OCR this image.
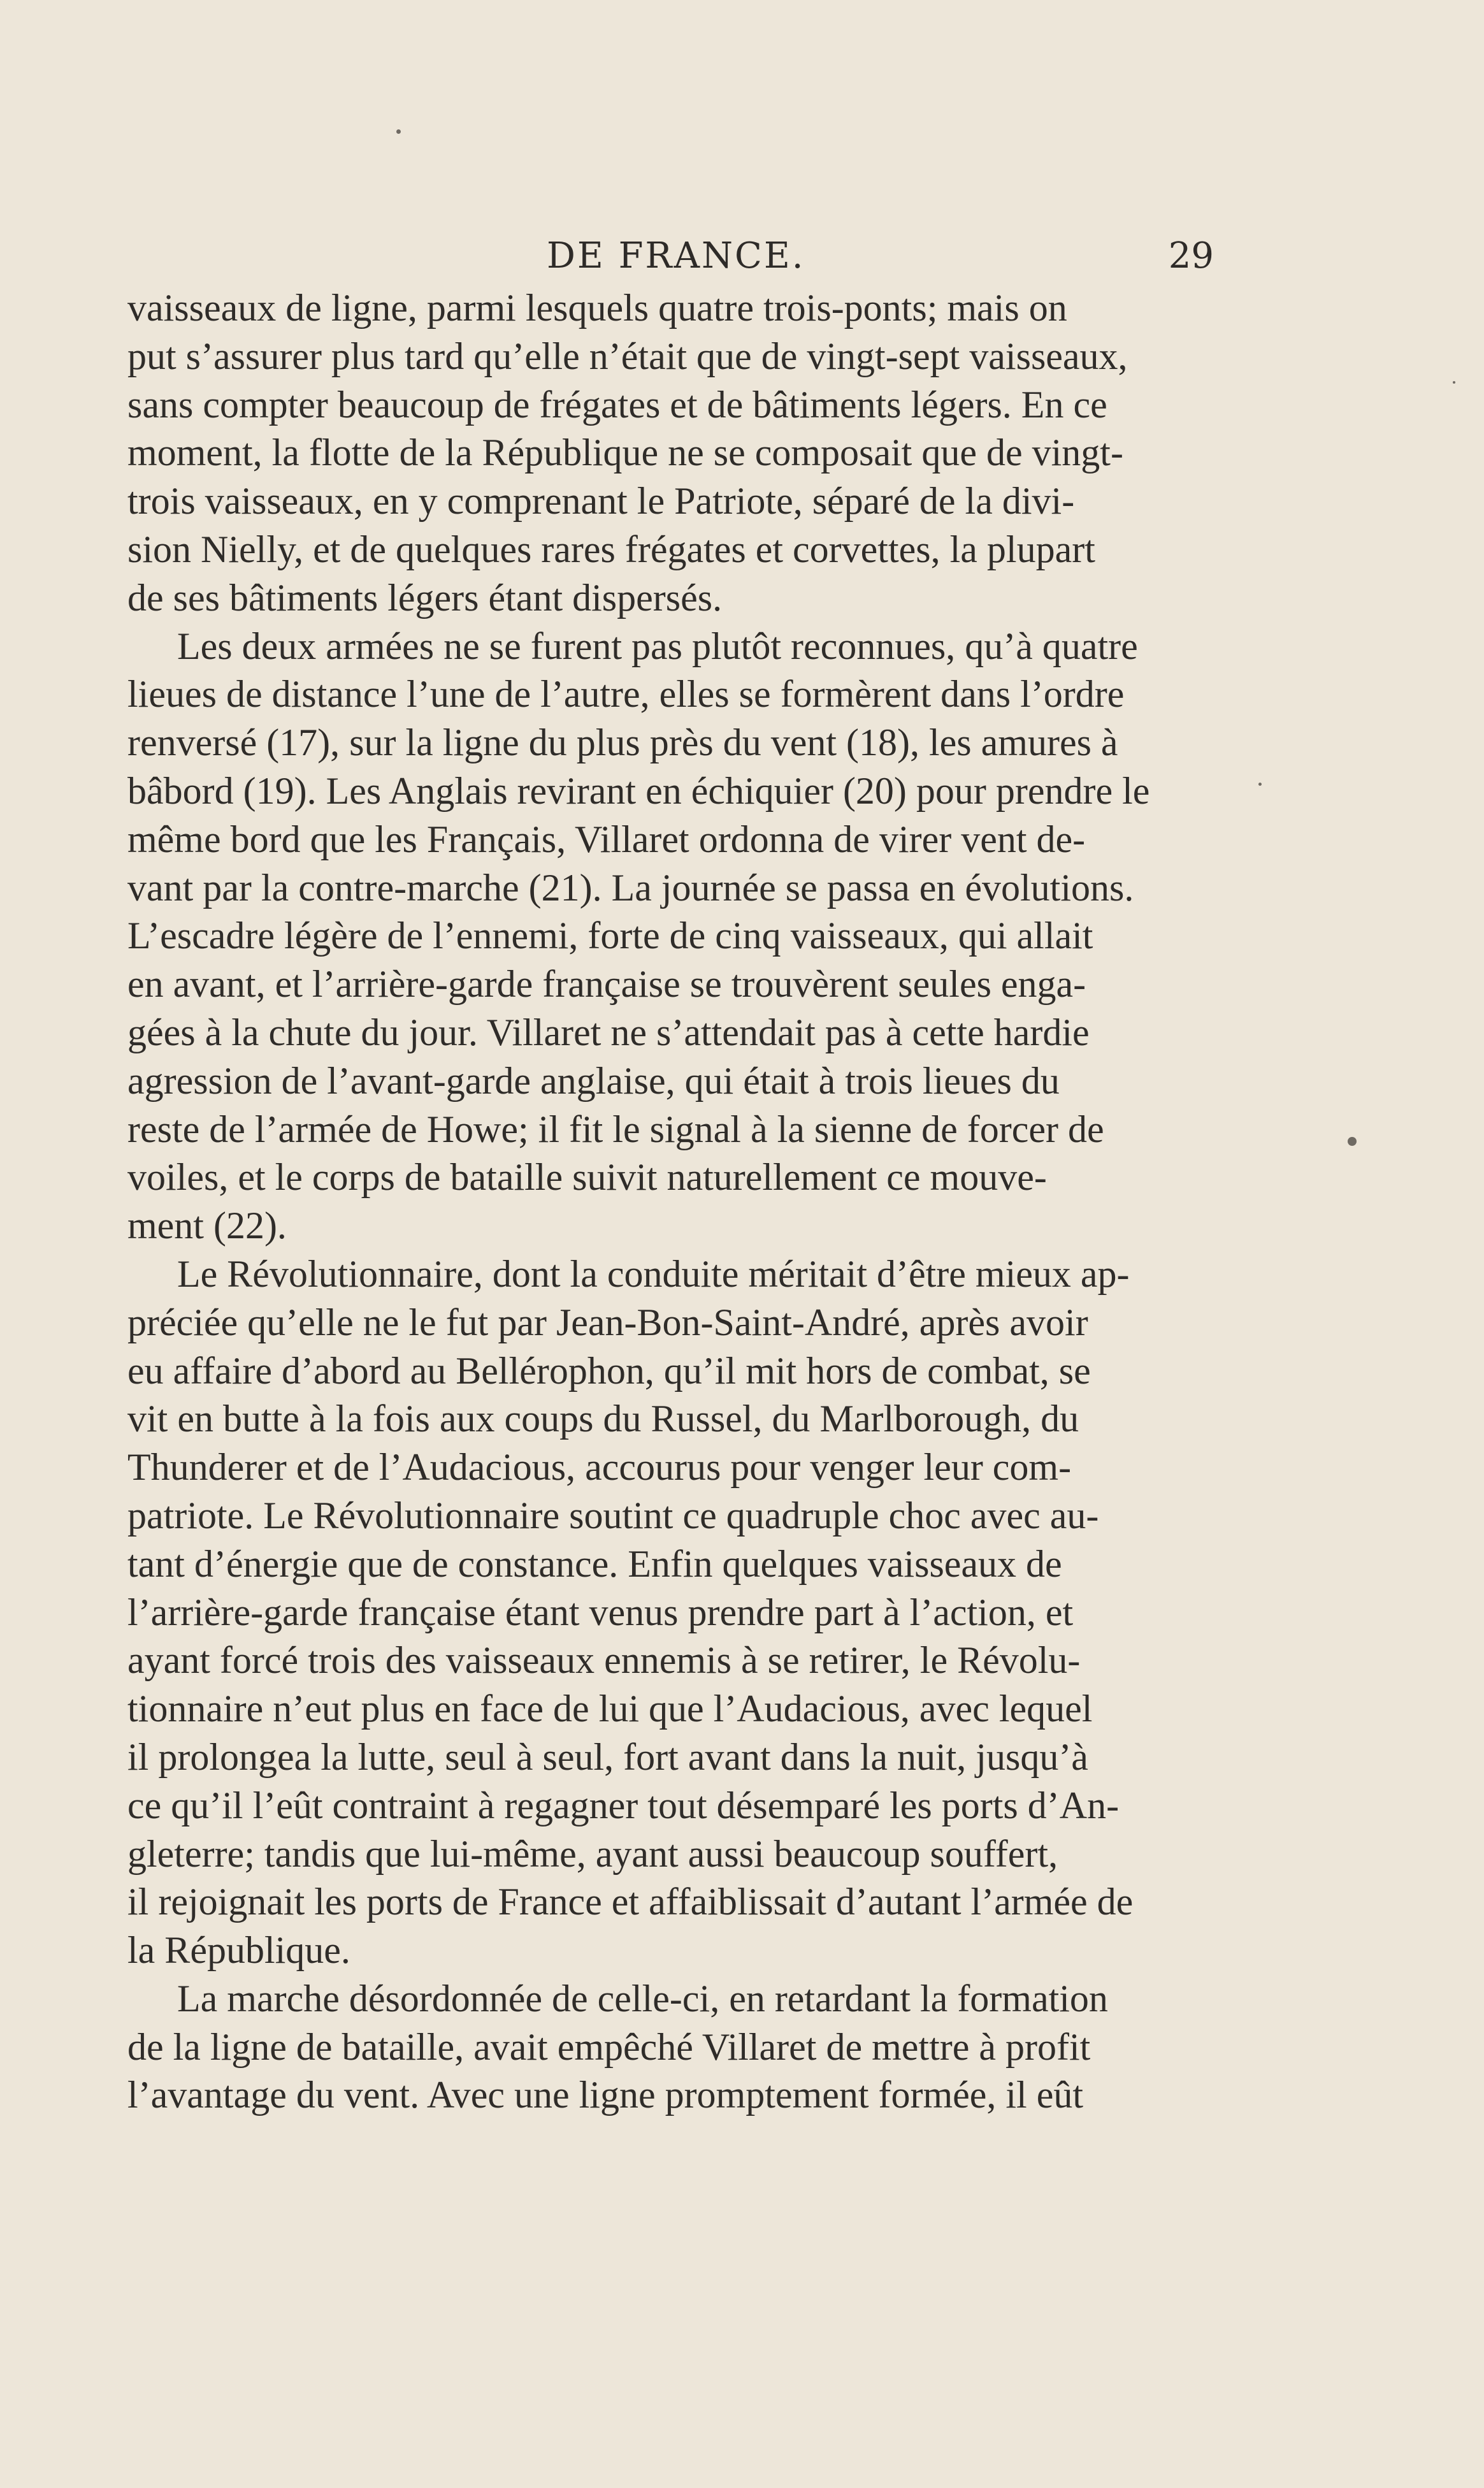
DE FRANCE.	29

vaisseaux de ligne, parmi lesquels quatre trois-ponts; mais on
put s’assurer plus tard qu’elle n’était que de vingt-sept vaisseaux,
sans compter beaucoup de frégates et de bâtiments légers. En ce
moment, la flotte de la République ne se composait que de vingt-
trois vaisseaux, en y comprenant le Patriote, séparé de la divi-
sion Nielly, et de quelques rares frégates et corvettes, la plupart
de ses bâtiments légers étant dispersés.

Les deux armées ne se furent pas plutôt reconnues, qu’à quatre
lieues de distance l’une de l’autre, elles se formèrent dans l’ordre
renversé (17), sur la ligne du plus près du vent (18), les amures à
bâbord (19). Les Anglais revirant en échiquier (20) pour prendre le
même bord que les Français, Villaret ordonna de virer vent de-
vant par la contre-marche (21). La journée se passa en évolutions.
L’escadre légère de l’ennemi, forte de cinq vaisseaux, qui allait
en avant, et l’arrière-garde française se trouvèrent seules enga-
gées à la chute du jour. Villaret ne s’attendait pas à cette hardie
agression de l’avant-garde anglaise, qui était à trois lieues du
reste de l’armée de Howe; il fit le signal à la sienne de forcer de
voiles, et le corps de bataille suivit naturellement ce mouve-
ment (22).

Le Révolutionnaire, dont la conduite méritait d’être mieux ap-
préciée qu’elle ne le fut par Jean-Bon-Saint-André, après avoir
eu affaire d’abord au Bellérophon, qu’il mit hors de combat, se
vit en butte à la fois aux coups du Russel, du Marlborough, du
Thunderer et de l’Audacious, accourus pour venger leur com-
patriote. Le Révolutionnaire soutint ce quadruple choc avec au-
tant d’énergie que de constance. Enfin quelques vaisseaux de
l’arrière-garde française étant venus prendre part à l’action, et
ayant forcé trois des vaisseaux ennemis à se retirer, le Révolu-
tionnaire n’eut plus en face de lui que l’Audacious, avec lequel
il prolongea la lutte, seul à seul, fort avant dans la nuit, jusqu’à
ce qu’il l’eût contraint à regagner tout désemparé les ports d’An-
gleterre; tandis que lui-même, ayant aussi beaucoup souffert,
il rejoignait les ports de France et affaiblissait d’autant l’armée de
la République.

La marche désordonnée de celle-ci, en retardant la formation
de la ligne de bataille, avait empêché Villaret de mettre à profit
l’avantage du vent. Avec une ligne promptement formée, il eût
